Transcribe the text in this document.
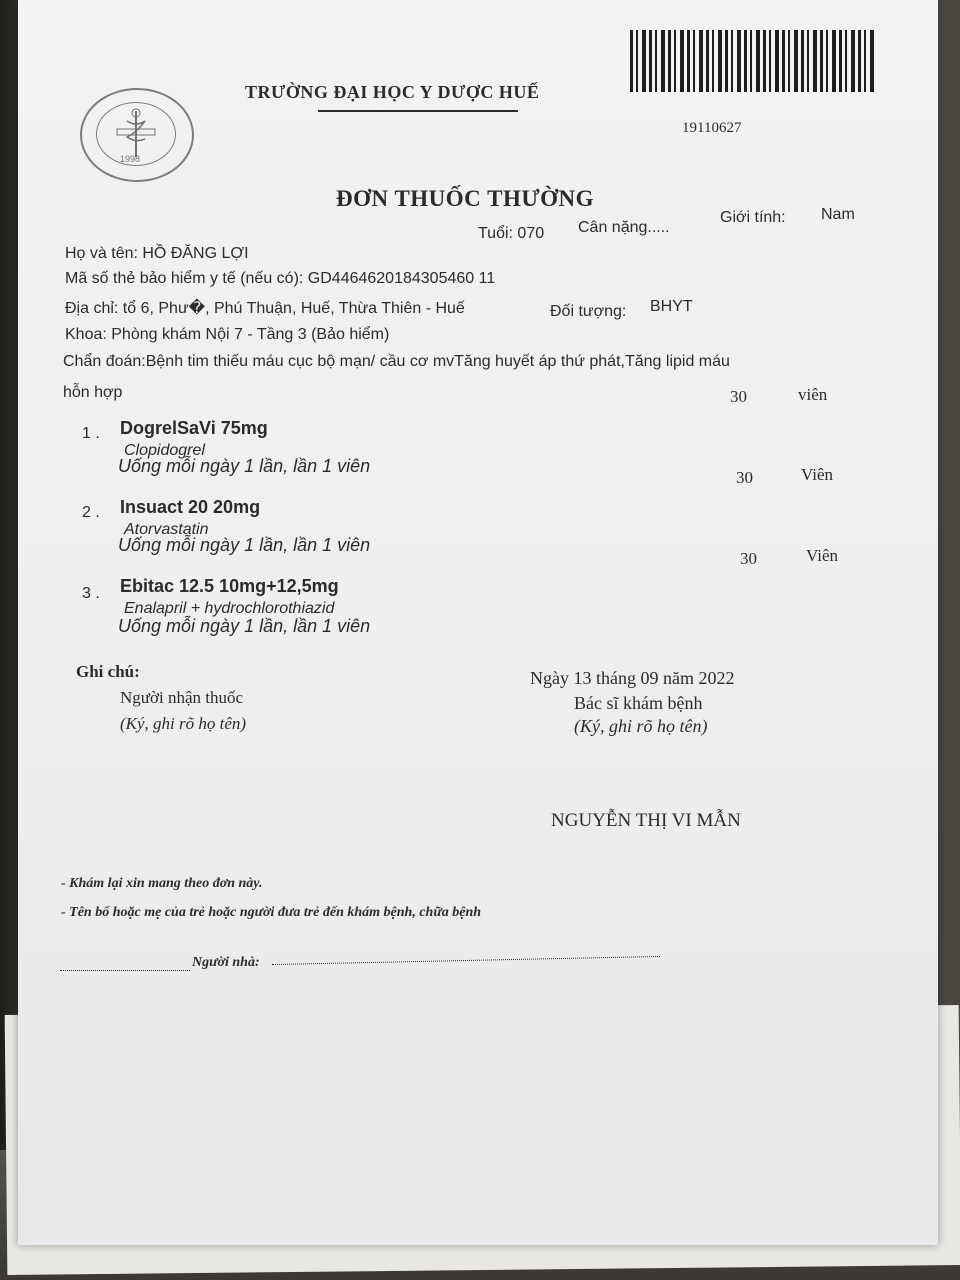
1998
TRƯỜNG ĐẠI HỌC Y DƯỢC HUẾ
19110627
ĐƠN THUỐC THƯỜNG
Tuổi: 070 Cân nặng.....
Giới tính: Nam
Họ và tên: HỒ ĐĂNG LỢI
Mã số thẻ bảo hiểm y tế (nếu có): GD4464620184305460 11
Địa chỉ: tổ 6, Phư�, Phú Thuận, Huế, Thừa Thiên - Huế	Đối tượng: BHYT
Khoa: Phòng khám Nội 7 - Tầng 3 (Bảo hiểm)
Chẩn đoán:Bệnh tim thiếu máu cục bộ mạn/ cầu cơ mvTăng huyết áp thứ phát,Tăng lipid máu
hỗn hợp	30	viên
1 . DogrelSaVi 75mg
Clopidogrel
Uống mỗi ngày 1 lần, lần 1 viên
30	Viên
2 . Insuact 20 20mg
Atorvastatin
Uống mỗi ngày 1 lần, lần 1 viên
30	Viên
3 . Ebitac 12.5 10mg+12,5mg
Enalapril + hydrochlorothiazid
Uống mỗi ngày 1 lần, lần 1 viên
Ghi chú:
Người nhận thuốc
(Ký, ghi rõ họ tên)
Ngày 13 tháng 09 năm 2022
Bác sĩ khám bệnh
(Ký, ghi rõ họ tên)
NGUYỄN THỊ VI MẪN
- Khám lại xin mang theo đơn này.
- Tên bố hoặc mẹ của trẻ hoặc người đưa trẻ đến khám bệnh, chữa bệnh
Người nhà:
